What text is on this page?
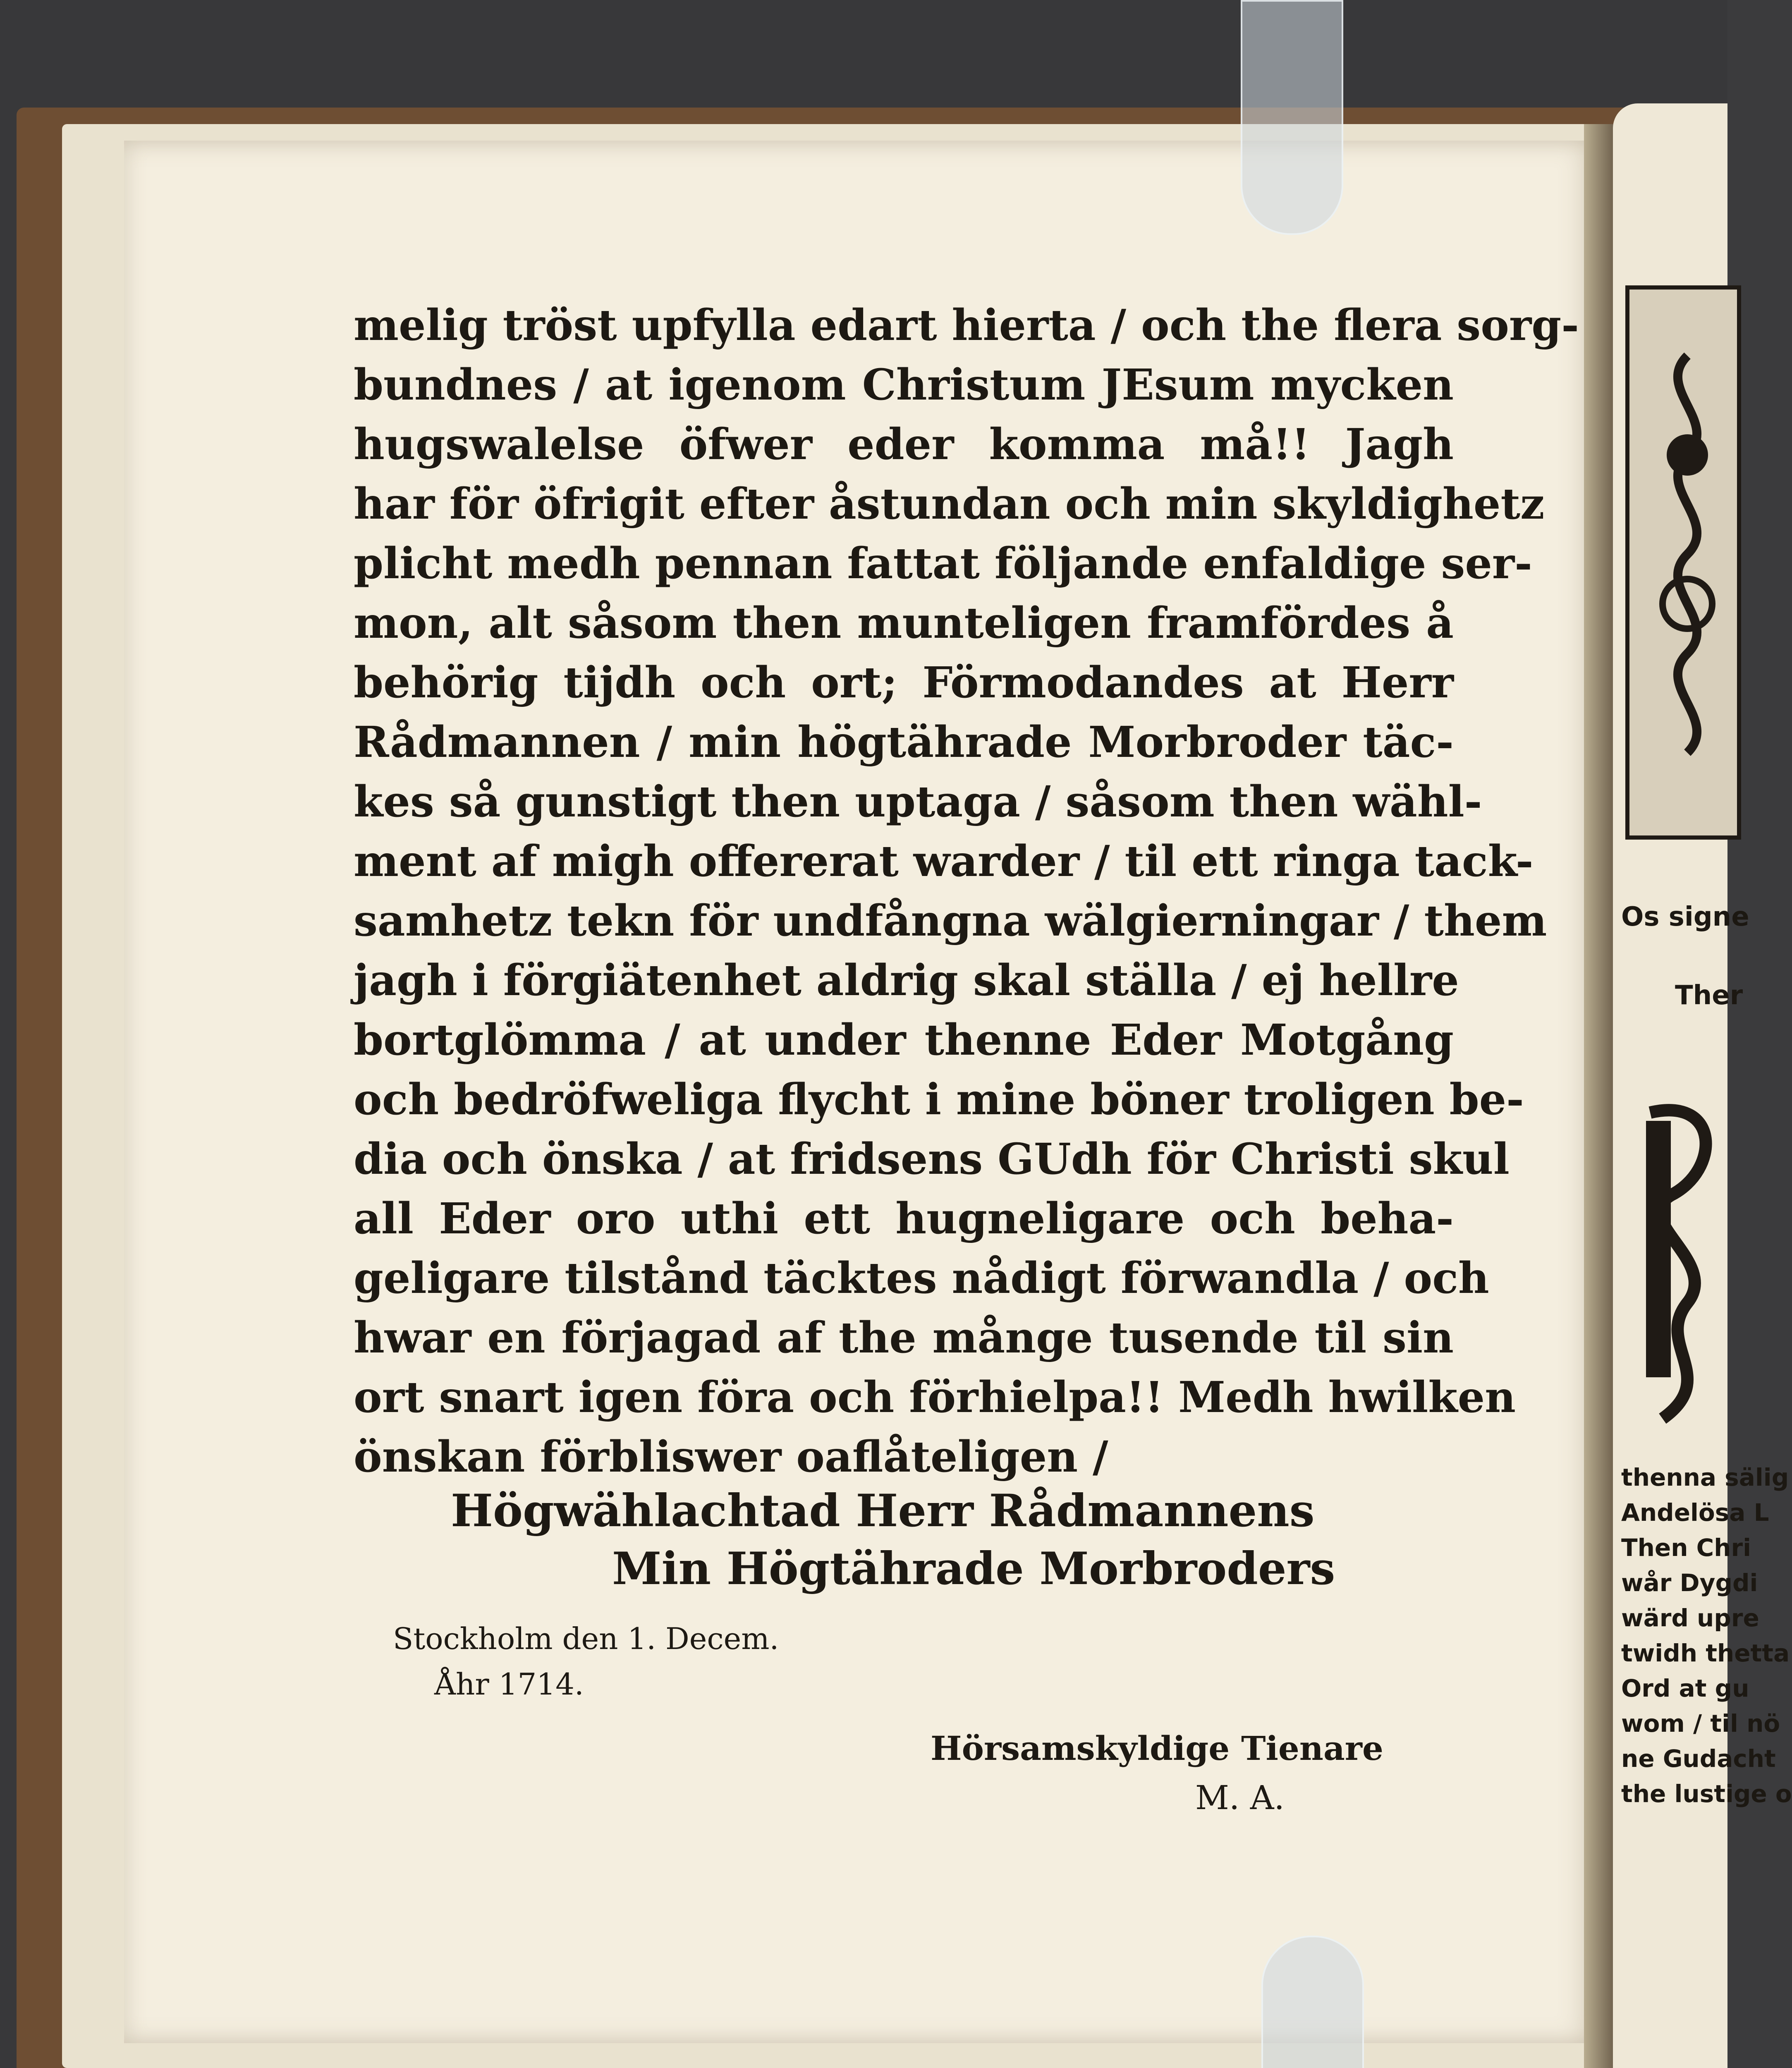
Os signe
Ther
thenna sälig
Andelösa L
Then Chri
wår Dygdi
wärd upre
twidh thetta
Ord at gu
wom / til nö
ne Gudacht
the lustige o
melig tröst upfylla edart hierta / och the flera sorg-
bundnes / at igenom Christum JEsum mycken
hugswalelse öfwer eder komma må!! Jagh
har för öfrigit efter åstundan och min skyldighetz
plicht medh pennan fattat följande enfaldige ser-
mon, alt såsom then munteligen framfördes å
behörig tijdh och ort; Förmodandes at Herr
Rådmannen / min högtährade Morbroder täc-
kes så gunstigt then uptaga / såsom then wähl-
ment af migh offererat warder / til ett ringa tack-
samhetz tekn för undfångna wälgierningar / them
jagh i förgiätenhet aldrig skal ställa / ej hellre
bortglömma / at under thenne Eder Motgång
och bedröfweliga flycht i mine böner troligen be-
dia och önska / at fridsens GUdh för Christi skul
all Eder oro uthi ett hugneligare och beha-
geligare tilstånd täcktes nådigt förwandla / och
hwar en förjagad af the månge tusende til sin
ort snart igen föra och förhielpa!! Medh hwilken
önskan förbliswer oaflåteligen /
Högwählachtad Herr Rådmannens
Min Högtährade Morbroders
Stockholm den 1. Decem.
Åhr 1714.
Hörsamskyldige Tienare
M. A.
